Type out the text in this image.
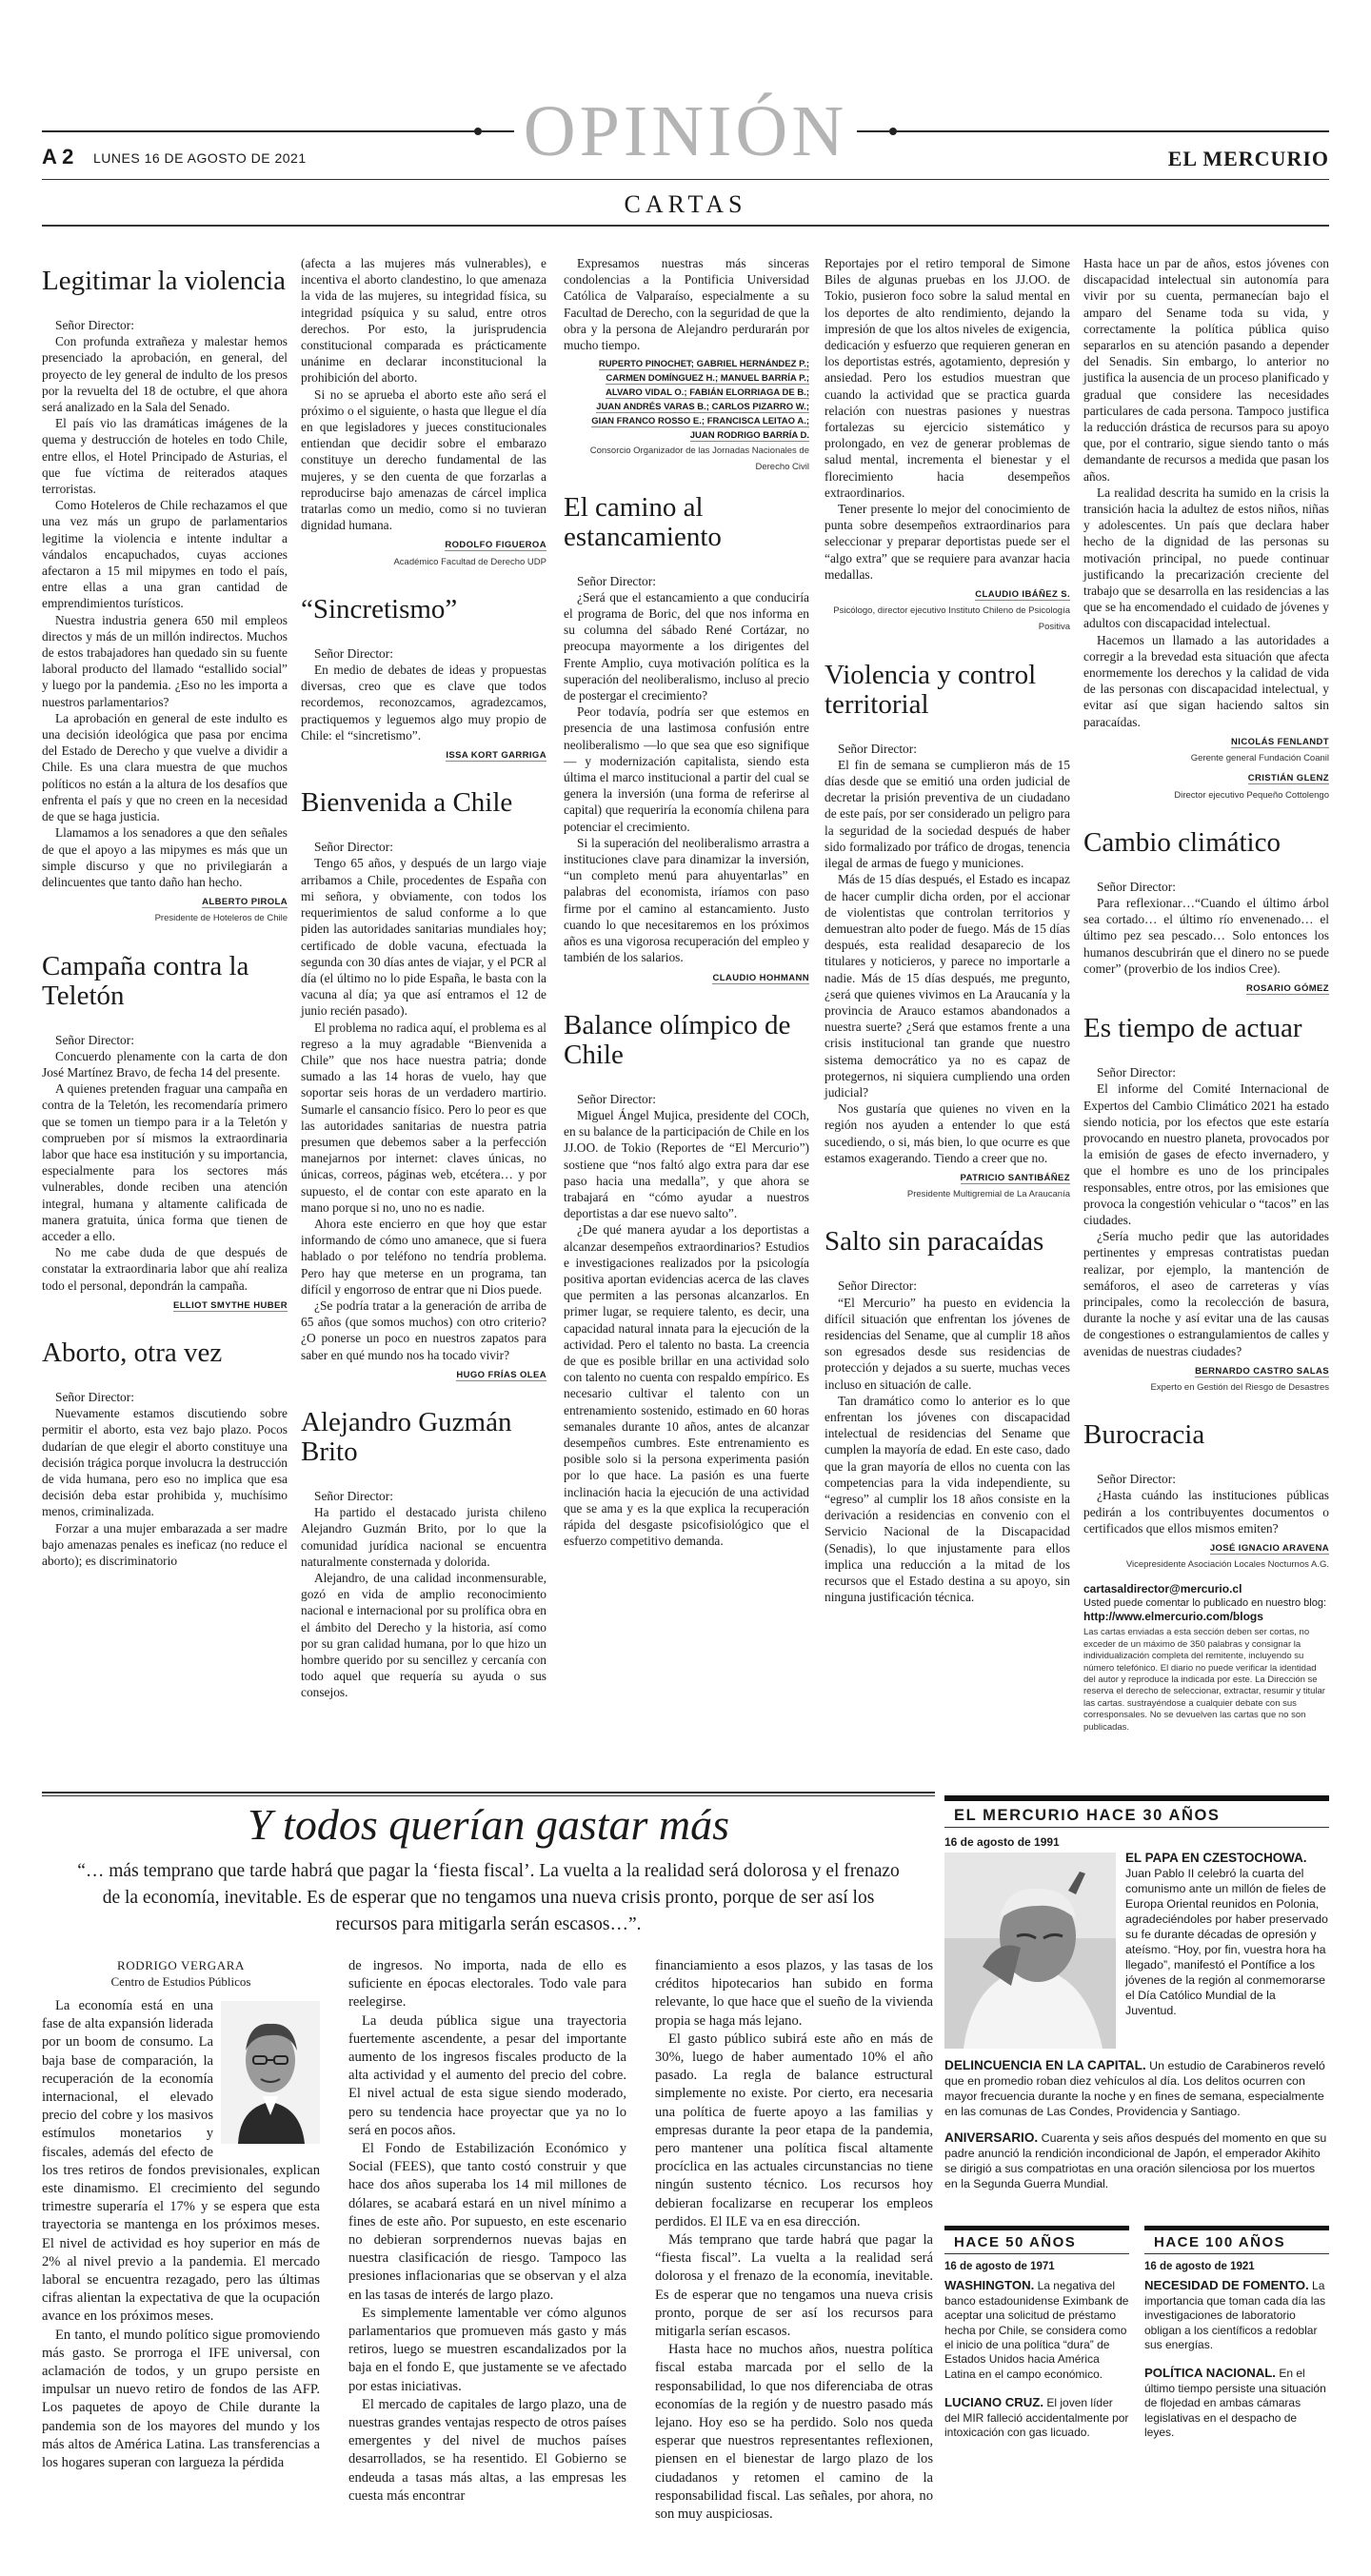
OPINIÓN
A 2 LUNES 16 DE AGOSTO DE 2021	EL MERCURIO
CARTAS
Legitimar la violencia

Señor Director:

Con profunda extrañeza y malestar hemos presenciado la aprobación, en general, del proyecto de ley general de indulto de los presos por la revuelta del 18 de octubre, el que ahora será analizado en la Sala del Senado.

El país vio las dramáticas imágenes de la quema y destrucción de hoteles en todo Chile, entre ellos, el Hotel Principado de Asturias, el que fue víctima de reiterados ataques terroristas.

Como Hoteleros de Chile rechazamos el que una vez más un grupo de parlamentarios legitime la violencia e intente indultar a vándalos encapuchados, cuyas acciones afectaron a 15 mil mipymes en todo el país, entre ellas a una gran cantidad de emprendimientos turísticos.

Nuestra industria genera 650 mil empleos directos y más de un millón indirectos. Muchos de estos trabajadores han quedado sin su fuente laboral producto del llamado “estallido social” y luego por la pandemia. ¿Eso no les importa a nuestros parlamentarios?

La aprobación en general de este indulto es una decisión ideológica que pasa por encima del Estado de Derecho y que vuelve a dividir a Chile. Es una clara muestra de que muchos políticos no están a la altura de los desafíos que enfrenta el país y que no creen en la necesidad de que se haga justicia.

Llamamos a los senadores a que den señales de que el apoyo a las mipymes es más que un simple discurso y que no privilegiarán a delincuentes que tanto daño han hecho.

ALBERTO PIROLA
Presidente de Hoteleros de Chile
Campaña contra la Teletón

Señor Director:

Concuerdo plenamente con la carta de don José Martínez Bravo, de fecha 14 del presente.

A quienes pretenden fraguar una campaña en contra de la Teletón, les recomendaría primero que se tomen un tiempo para ir a la Teletón y comprueben por sí mismos la extraordinaria labor que hace esa institución y su importancia, especialmente para los sectores más vulnerables, donde reciben una atención integral, humana y altamente calificada de manera gratuita, única forma que tienen de acceder a ello.

No me cabe duda de que después de constatar la extraordinaria labor que ahí realiza todo el personal, depondrán la campaña.

ELLIOT SMYTHE HUBER
Aborto, otra vez

Señor Director:

Nuevamente estamos discutiendo sobre permitir el aborto, esta vez bajo plazo. Pocos dudarían de que elegir el aborto constituye una decisión trágica porque involucra la destrucción de vida humana, pero eso no implica que esa decisión deba estar prohibida y, muchísimo menos, criminalizada.

Forzar a una mujer embarazada a ser madre bajo amenazas penales es ineficaz (no reduce el aborto); es discriminatorio

(afecta a las mujeres más vulnerables), e incentiva el aborto clandestino, lo que amenaza la vida de las mujeres, su integridad física, su integridad psíquica y su salud, entre otros derechos. Por esto, la jurisprudencia constitucional comparada es prácticamente unánime en declarar inconstitucional la prohibición del aborto.

Si no se aprueba el aborto este año será el próximo o el siguiente, o hasta que llegue el día en que legisladores y jueces constitucionales entiendan que decidir sobre el embarazo constituye un derecho fundamental de las mujeres, y se den cuenta de que forzarlas a reproducirse bajo amenazas de cárcel implica tratarlas como un medio, como si no tuvieran dignidad humana.

RODOLFO FIGUEROA
Académico Facultad de Derecho UDP
“Sincretismo”

Señor Director:

En medio de debates de ideas y propuestas diversas, creo que es clave que todos recordemos, reconozcamos, agradezcamos, practiquemos y leguemos algo muy propio de Chile: el “sincretismo”.

ISSA KORT GARRIGA
Bienvenida a Chile

Señor Director:

Tengo 65 años, y después de un largo viaje arribamos a Chile, procedentes de España con mi señora, y obviamente, con todos los requerimientos de salud conforme a lo que piden las autoridades sanitarias mundiales hoy; certificado de doble vacuna, efectuada la segunda con 30 días antes de viajar, y el PCR al día (el último no lo pide España, le basta con la vacuna al día; ya que así entramos el 12 de junio recién pasado).

El problema no radica aquí, el problema es al regreso a la muy agradable “Bienvenida a Chile” que nos hace nuestra patria; donde sumado a las 14 horas de vuelo, hay que soportar seis horas de un verdadero martirio. Sumarle el cansancio físico. Pero lo peor es que las autoridades sanitarias de nuestra patria presumen que debemos saber a la perfección manejarnos por internet: claves únicas, no únicas, correos, páginas web, etcétera… y por supuesto, el de contar con este aparato en la mano porque si no, uno no es nadie.

Ahora este encierro en que hoy que estar informando de cómo uno amanece, que si fuera hablado o por teléfono no tendría problema. Pero hay que meterse en un programa, tan difícil y engorroso de entrar que ni Dios puede.

¿Se podría tratar a la generación de arriba de 65 años (que somos muchos) con otro criterio? ¿O ponerse un poco en nuestros zapatos para saber en qué mundo nos ha tocado vivir?

HUGO FRÍAS OLEA
Alejandro Guzmán Brito

Señor Director:

Ha partido el destacado jurista chileno Alejandro Guzmán Brito, por lo que la comunidad jurídica nacional se encuentra naturalmente consternada y dolorida.

Alejandro, de una calidad inconmensurable, gozó en vida de amplio reconocimiento nacional e internacional por su prolífica obra en el ámbito del Derecho y la historia, así como por su gran calidad humana, por lo que hizo un hombre querido por su sencillez y cercanía con todo aquel que requería su ayuda o sus consejos.

Expresamos nuestras más sinceras condolencias a la Pontificia Universidad Católica de Valparaíso, especialmente a su Facultad de Derecho, con la seguridad de que la obra y la persona de Alejandro perdurarán por mucho tiempo.

RUPERTO PINOCHET; GABRIEL HERNÁNDEZ P.;
CARMEN DOMÍNGUEZ H.; MANUEL BARRÍA P.;
ALVARO VIDAL O.; FABIÁN ELORRIAGA DE B.;
JUAN ANDRÉS VARAS B.; CARLOS PIZARRO W.;
GIAN FRANCO ROSSO E.; FRANCISCA LEITAO A.;
JUAN RODRIGO BARRÍA D.
Consorcio Organizador de las Jornadas Nacionales de Derecho Civil
El camino al estancamiento

Señor Director:

¿Será que el estancamiento a que conduciría el programa de Boric, del que nos informa en su columna del sábado René Cortázar, no preocupa mayormente a los dirigentes del Frente Amplio, cuya motivación política es la superación del neoliberalismo, incluso al precio de postergar el crecimiento?

Peor todavía, podría ser que estemos en presencia de una lastimosa confusión entre neoliberalismo —lo que sea que eso signifique— y modernización capitalista, siendo esta última el marco institucional a partir del cual se genera la inversión (una forma de referirse al capital) que requeriría la economía chilena para potenciar el crecimiento.

Si la superación del neoliberalismo arrastra a instituciones clave para dinamizar la inversión, “un completo menú para ahuyentarlas” en palabras del economista, iríamos con paso firme por el camino al estancamiento. Justo cuando lo que necesitaremos en los próximos años es una vigorosa recuperación del empleo y también de los salarios.

CLAUDIO HOHMANN
Balance olímpico de Chile

Señor Director:

Miguel Ángel Mujica, presidente del COCh, en su balance de la participación de Chile en los JJ.OO. de Tokio (Reportes de “El Mercurio”) sostiene que “nos faltó algo extra para dar ese paso hacia una medalla”, y que ahora se trabajará en “cómo ayudar a nuestros deportistas a dar ese nuevo salto”.

¿De qué manera ayudar a los deportistas a alcanzar desempeños extraordinarios? Estudios e investigaciones realizados por la psicología positiva aportan evidencias acerca de las claves que permiten a las personas alcanzarlos. En primer lugar, se requiere talento, es decir, una capacidad natural innata para la ejecución de la actividad. Pero el talento no basta. La creencia de que es posible brillar en una actividad solo con talento no cuenta con respaldo empírico. Es necesario cultivar el talento con un entrenamiento sostenido, estimado en 60 horas semanales durante 10 años, antes de alcanzar desempeños cumbres. Este entrenamiento es posible solo si la persona experimenta pasión por lo que hace. La pasión es una fuerte inclinación hacia la ejecución de una actividad que se ama y es la que explica la recuperación rápida del desgaste psicofisiológico que el esfuerzo competitivo demanda.

Reportajes por el retiro temporal de Simone Biles de algunas pruebas en los JJ.OO. de Tokio, pusieron foco sobre la salud mental en los deportes de alto rendimiento, dejando la impresión de que los altos niveles de exigencia, dedicación y esfuerzo que requieren generan en los deportistas estrés, agotamiento, depresión y ansiedad. Pero los estudios muestran que cuando la actividad que se practica guarda relación con nuestras pasiones y nuestras fortalezas su ejercicio sistemático y prolongado, en vez de generar problemas de salud mental, incrementa el bienestar y el florecimiento hacia desempeños extraordinarios.

Tener presente lo mejor del conocimiento de punta sobre desempeños extraordinarios para seleccionar y preparar deportistas puede ser el “algo extra” que se requiere para avanzar hacia medallas.

CLAUDIO IBÁÑEZ S.
Psicólogo, director ejecutivo Instituto Chileno de Psicología Positiva
Violencia y control territorial

Señor Director:

El fin de semana se cumplieron más de 15 días desde que se emitió una orden judicial de decretar la prisión preventiva de un ciudadano de este país, por ser considerado un peligro para la seguridad de la sociedad después de haber sido formalizado por tráfico de drogas, tenencia ilegal de armas de fuego y municiones.

Más de 15 días después, el Estado es incapaz de hacer cumplir dicha orden, por el accionar de violentistas que controlan territorios y demuestran alto poder de fuego. Más de 15 días después, esta realidad desaparecio de los titulares y noticieros, y parece no importarle a nadie. Más de 15 días después, me pregunto, ¿será que quienes vivimos en La Araucanía y la provincia de Arauco estamos abandonados a nuestra suerte? ¿Será que estamos frente a una crisis institucional tan grande que nuestro sistema democrático ya no es capaz de protegernos, ni siquiera cumpliendo una orden judicial?

Nos gustaría que quienes no viven en la región nos ayuden a entender lo que está sucediendo, o si, más bien, lo que ocurre es que estamos exagerando. Tiendo a creer que no.

PATRICIO SANTIBÁÑEZ
Presidente Multigremial de La Araucanía
Salto sin paracaídas

Señor Director:

“El Mercurio” ha puesto en evidencia la difícil situación que enfrentan los jóvenes de residencias del Sename, que al cumplir 18 años son egresados desde sus residencias de protección y dejados a su suerte, muchas veces incluso en situación de calle.

Tan dramático como lo anterior es lo que enfrentan los jóvenes con discapacidad intelectual de residencias del Sename que cumplen la mayoría de edad. En este caso, dado que la gran mayoría de ellos no cuenta con las competencias para la vida independiente, su “egreso” al cumplir los 18 años consiste en la derivación a residencias en convenio con el Servicio Nacional de la Discapacidad (Senadis), lo que injustamente para ellos implica una reducción a la mitad de los recursos que el Estado destina a su apoyo, sin ninguna justificación técnica.

Hasta hace un par de años, estos jóvenes con discapacidad intelectual sin autonomía para vivir por su cuenta, permanecían bajo el amparo del Sename toda su vida, y correctamente la política pública quiso separarlos en su atención pasando a depender del Senadis. Sin embargo, lo anterior no justifica la ausencia de un proceso planificado y gradual que considere las necesidades particulares de cada persona. Tampoco justifica la reducción drástica de recursos para su apoyo que, por el contrario, sigue siendo tanto o más demandante de recursos a medida que pasan los años.

La realidad descrita ha sumido en la crisis la transición hacia la adultez de estos niños, niñas y adolescentes. Un país que declara haber hecho de la dignidad de las personas su motivación principal, no puede continuar justificando la precarización creciente del trabajo que se desarrolla en las residencias a las que se ha encomendado el cuidado de jóvenes y adultos con discapacidad intelectual.

Hacemos un llamado a las autoridades a corregir a la brevedad esta situación que afecta enormemente los derechos y la calidad de vida de las personas con discapacidad intelectual, y evitar así que sigan haciendo saltos sin paracaídas.

NICOLÁS FENLANDT
Gerente general Fundación Coanil
CRISTIÁN GLENZ
Director ejecutivo Pequeño Cottolengo
Cambio climático

Señor Director:

Para reflexionar…“Cuando el último árbol sea cortado… el último río envenenado… el último pez sea pescado… Solo entonces los humanos descubrirán que el dinero no se puede comer” (proverbio de los indios Cree).

ROSARIO GÓMEZ
Es tiempo de actuar

Señor Director:

El informe del Comité Internacional de Expertos del Cambio Climático 2021 ha estado siendo noticia, por los efectos que este estaría provocando en nuestro planeta, provocados por la emisión de gases de efecto invernadero, y que el hombre es uno de los principales responsables, entre otros, por las emisiones que provoca la congestión vehicular o “tacos” en las ciudades.

¿Sería mucho pedir que las autoridades pertinentes y empresas contratistas puedan realizar, por ejemplo, la mantención de semáforos, el aseo de carreteras y vías principales, como la recolección de basura, durante la noche y así evitar una de las causas de congestiones o estrangulamientos de calles y avenidas de nuestras ciudades?

BERNARDO CASTRO SALAS
Experto en Gestión del Riesgo de Desastres
Burocracia

Señor Director:

¿Hasta cuándo las instituciones públicas pedirán a los contribuyentes documentos o certificados que ellos mismos emiten?

JOSÉ IGNACIO ARAVENA
Vicepresidente Asociación Locales Nocturnos A.G.
cartasaldirector@mercurio.cl
Usted puede comentar lo publicado en nuestro blog:
http://www.elmercurio.com/blogs
Las cartas enviadas a esta sección deben ser cortas, no exceder de un máximo de 350 palabras y consignar la individualización completa del remitente, incluyendo su número telefónico. El diario no puede verificar la identidad del autor y reproduce la indicada por este. La Dirección se reserva el derecho de seleccionar, extractar, resumir y titular las cartas. sustrayéndose a cualquier debate con sus corresponsales. No se devuelven las cartas que no son publicadas.
Y todos querían gastar más
“… más temprano que tarde habrá que pagar la ‘fiesta fiscal’. La vuelta a la realidad será dolorosa y el frenazo de la economía, inevitable. Es de esperar que no tengamos una nueva crisis pronto, porque de ser así los recursos para mitigarla serán escasos…”.
RODRIGO VERGARA
Centro de Estudios Públicos

La economía está en una fase de alta expansión liderada por un boom de consumo. La baja base de comparación, la recuperación de la economía internacional, el elevado precio del cobre y los masivos estímulos monetarios y fiscales, además del efecto de los tres retiros de fondos previsionales, explican este dinamismo. El crecimiento del segundo trimestre superaría el 17% y se espera que esta trayectoria se mantenga en los próximos meses. El nivel de actividad es hoy superior en más de 2% al nivel previo a la pandemia. El mercado laboral se encuentra rezagado, pero las últimas cifras alientan la expectativa de que la ocupación avance en los próximos meses.

En tanto, el mundo político sigue promoviendo más gasto. Se prorroga el IFE universal, con aclamación de todos, y un grupo persiste en impulsar un nuevo retiro de fondos de las AFP. Los paquetes de apoyo de Chile durante la pandemia son de los mayores del mundo y los más altos de América Latina. Las transferencias a los hogares superan con largueza la pérdida

de ingresos. No importa, nada de ello es suficiente en épocas electorales. Todo vale para reelegirse.

La deuda pública sigue una trayectoria fuertemente ascendente, a pesar del importante aumento de los ingresos fiscales producto de la alta actividad y el aumento del precio del cobre. El nivel actual de esta sigue siendo moderado, pero su tendencia hace proyectar que ya no lo será en pocos años.

El Fondo de Estabilización Económico y Social (FEES), que tanto costó construir y que hace dos años superaba los 14 mil millones de dólares, se acabará estará en un nivel mínimo a fines de este año. Por supuesto, en este escenario no debieran sorprendernos nuevas bajas en nuestra clasificación de riesgo. Tampoco las presiones inflacionarias que se observan y el alza en las tasas de interés de largo plazo.

Es simplemente lamentable ver cómo algunos parlamentarios que promueven más gasto y más retiros, luego se muestren escandalizados por la baja en el fondo E, que justamente se ve afectado por estas iniciativas.

El mercado de capitales de largo plazo, una de nuestras grandes ventajas respecto de otros países emergentes y del nivel de muchos países desarrollados, se ha resentido. El Gobierno se endeuda a tasas más altas, a las empresas les cuesta más encontrar

financiamiento a esos plazos, y las tasas de los créditos hipotecarios han subido en forma relevante, lo que hace que el sueño de la vivienda propia se haga más lejano.

El gasto público subirá este año en más de 30%, luego de haber aumentado 10% el año pasado. La regla de balance estructural simplemente no existe. Por cierto, era necesaria una política de fuerte apoyo a las familias y empresas durante la peor etapa de la pandemia, pero mantener una política fiscal altamente procíclica en las actuales circunstancias no tiene ningún sustento técnico. Los recursos hoy debieran focalizarse en recuperar los empleos perdidos. El ILE va en esa dirección.

Más temprano que tarde habrá que pagar la “fiesta fiscal”. La vuelta a la realidad será dolorosa y el frenazo de la economía, inevitable. Es de esperar que no tengamos una nueva crisis pronto, porque de ser así los recursos para mitigarla serían escasos.

Hasta hace no muchos años, nuestra política fiscal estaba marcada por el sello de la responsabilidad, lo que nos diferenciaba de otras economías de la región y de nuestro pasado más lejano. Hoy eso se ha perdido. Solo nos queda esperar que nuestros representantes reflexionen, piensen en el bienestar de largo plazo de los ciudadanos y retomen el camino de la responsabilidad fiscal. Las señales, por ahora, no son muy auspiciosas.

EL MERCURIO HACE 30 AÑOS
16 de agosto de 1991
EL PAPA EN CZESTOCHOWA. Juan Pablo II celebró la cuarta del comunismo ante un millón de fieles de Europa Oriental reunidos en Polonia, agradeciéndoles por haber preservado su fe durante décadas de opresión y ateísmo. “Hoy, por fin, vuestra hora ha llegado”, manifestó el Pontífice a los jóvenes de la región al conmemorarse el Día Católico Mundial de la Juventud.

DELINCUENCIA EN LA CAPITAL. Un estudio de Carabineros reveló que en promedio roban diez vehículos al día. Los delitos ocurren con mayor frecuencia durante la noche y en fines de semana, especialmente en las comunas de Las Condes, Providencia y Santiago.

ANIVERSARIO. Cuarenta y seis años después del momento en que su padre anunció la rendición incondicional de Japón, el emperador Akihito se dirigió a sus compatriotas en una oración silenciosa por los muertos en la Segunda Guerra Mundial.

HACE 50 AÑOS
16 de agosto de 1971

WASHINGTON. La negativa del banco estadounidense Eximbank de aceptar una solicitud de préstamo hecha por Chile, se considera como el inicio de una política “dura” de Estados Unidos hacia América Latina en el campo económico.

LUCIANO CRUZ. El joven líder del MIR falleció accidentalmente por intoxicación con gas licuado.

HACE 100 AÑOS
16 de agosto de 1921

NECESIDAD DE FOMENTO. La importancia que toman cada día las investigaciones de laboratorio obligan a los científicos a redoblar sus energías.

POLÍTICA NACIONAL. En el último tiempo persiste una situación de flojedad en ambas cámaras legislativas en el despacho de leyes.
